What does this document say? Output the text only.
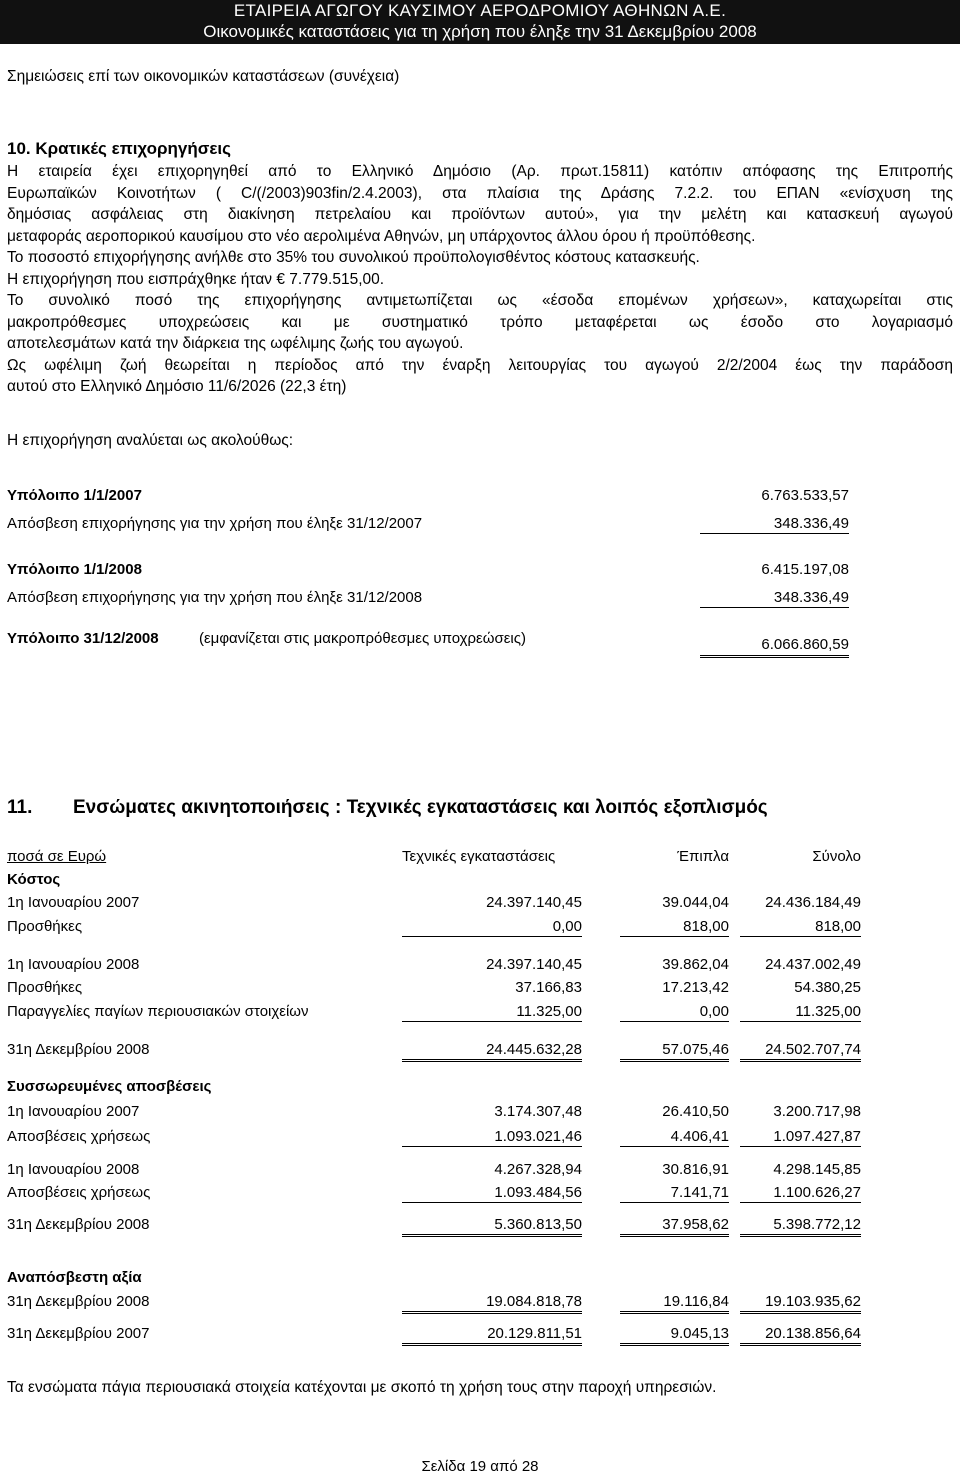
ΕΤΑΙΡΕΙΑ ΑΓΩΓΟΥ ΚΑΥΣΙΜΟΥ ΑΕΡΟΔΡΟΜΙΟΥ ΑΘΗΝΩΝ Α.Ε.
Οικονομικές καταστάσεις για τη χρήση που έληξε την 31 Δεκεμβρίου 2008
Σημειώσεις επί των οικονομικών καταστάσεων (συνέχεια)
10. Κρατικές επιχορηγήσεις
Η εταιρεία έχει επιχορηγηθεί από το Ελληνικό Δημόσιο (Αρ. πρωτ.15811) κατόπιν απόφασης της Επιτροπής
Ευρωπαϊκών Κοινοτήτων ( C/(/2003)903fin/2.4.2003), στα πλαίσια της Δράσης 7.2.2. του ΕΠΑΝ «ενίσχυση της
δημόσιας ασφάλειας στη διακίνηση πετρελαίου και προϊόντων αυτού», για την μελέτη και κατασκευή αγωγού
μεταφοράς αεροπορικού καυσίμου στο νέο αερολιμένα Αθηνών, μη υπάρχοντος άλλου όρου ή προϋπόθεσης.
Το ποσοστό επιχορήγησης ανήλθε στο 35% του συνολικού προϋπολογισθέντος κόστους κατασκευής.
Η επιχορήγηση που εισπράχθηκε ήταν € 7.779.515,00.
Το συνολικό ποσό της επιχορήγησης αντιμετωπίζεται ως «έσοδα επομένων χρήσεων», καταχωρείται στις
μακροπρόθεσμες υποχρεώσεις και με συστηματικό τρόπο μεταφέρεται ως έσοδο στο λογαριασμό
αποτελεσμάτων κατά την διάρκεια της ωφέλιμης ζωής του αγωγού.
Ως ωφέλιμη ζωή θεωρείται η περίοδος από την έναρξη λειτουργίας του αγωγού 2/2/2004 έως την παράδοση
αυτού στο Ελληνικό Δημόσιο 11/6/2026 (22,3 έτη)
Η επιχορήγηση αναλύεται ως ακολούθως:
Υπόλοιπο 1/1/2007	6.763.533,57
Απόσβεση επιχορήγησης για την χρήση που έληξε 31/12/2007	348.336,49
Υπόλοιπο 1/1/2008	6.415.197,08
Απόσβεση επιχορήγησης για την χρήση που έληξε 31/12/2008	348.336,49
Υπόλοιπο 31/12/2008	(εμφανίζεται στις μακροπρόθεσμες υποχρεώσεις)	6.066.860,59
11. Ενσώματες ακινητοποιήσεις : Τεχνικές εγκαταστάσεις και λοιπός εξοπλισμός
ποσά σε Ευρώ	Τεχνικές εγκαταστάσεις	Έπιπλα	Σύνολο
Κόστος
1η Ιανουαρίου 2007	24.397.140,45	39.044,04	24.436.184,49
Προσθήκες	0,00	818,00	818,00
1η Ιανουαρίου 2008	24.397.140,45	39.862,04	24.437.002,49
Προσθήκες	37.166,83	17.213,42	54.380,25
Παραγγελίες παγίων περιουσιακών στοιχείων	11.325,00	0,00	11.325,00
31η Δεκεμβρίου 2008	24.445.632,28	57.075,46	24.502.707,74
Συσσωρευμένες αποσβέσεις
1η Ιανουαρίου 2007	3.174.307,48	26.410,50	3.200.717,98
Αποσβέσεις χρήσεως	1.093.021,46	4.406,41	1.097.427,87
1η Ιανουαρίου 2008	4.267.328,94	30.816,91	4.298.145,85
Αποσβέσεις χρήσεως	1.093.484,56	7.141,71	1.100.626,27
31η Δεκεμβρίου 2008	5.360.813,50	37.958,62	5.398.772,12
Αναπόσβεστη αξία
31η Δεκεμβρίου 2008	19.084.818,78	19.116,84	19.103.935,62
31η Δεκεμβρίου 2007	20.129.811,51	9.045,13	20.138.856,64
Τα ενσώματα πάγια περιουσιακά στοιχεία κατέχονται με σκοπό τη χρήση τους στην παροχή υπηρεσιών.
Σελίδα 19 από 28
